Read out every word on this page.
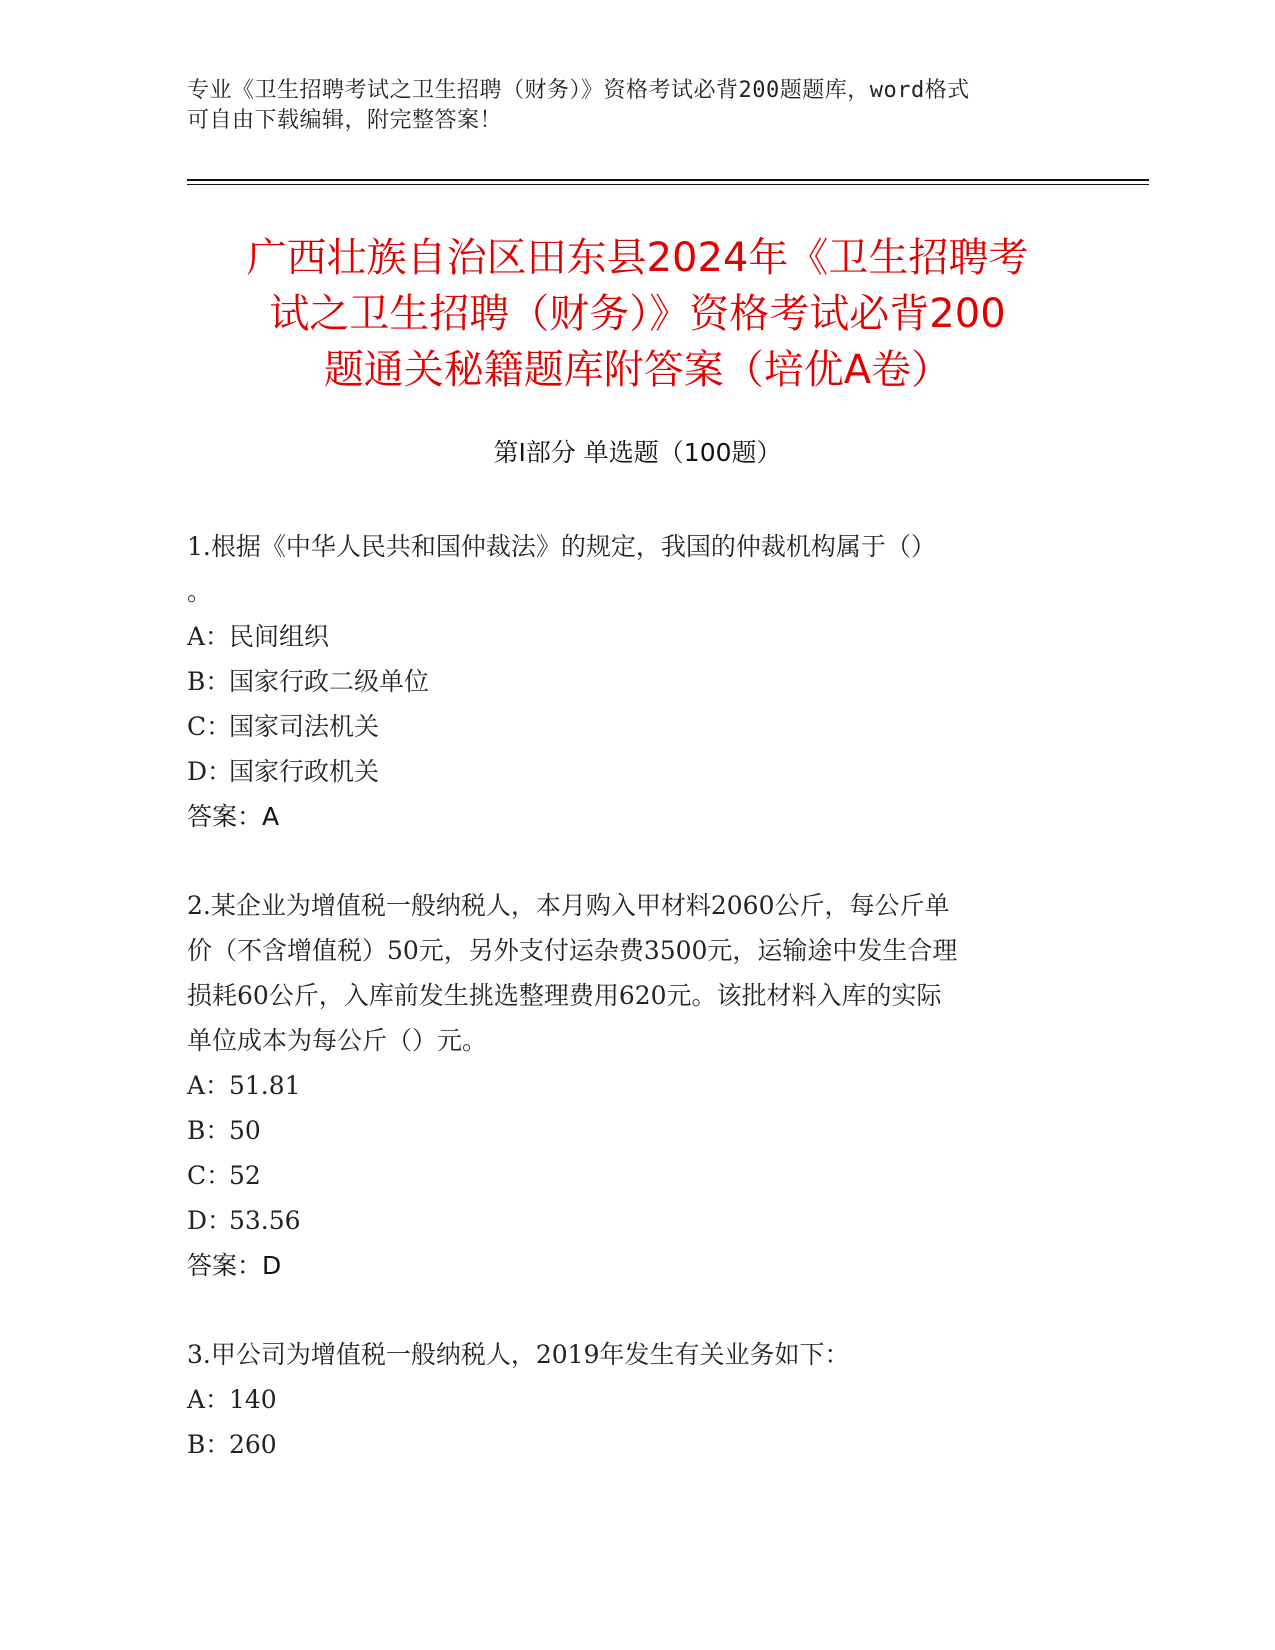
专业《卫生招聘考试之卫生招聘（财务）》资格考试必背200题题库，word格式

可自由下载编辑，附完整答案！

广西壮族自治区田东县2024年《卫生招聘考

试之卫生招聘（财务）》资格考试必背200

题通关秘籍题库附答案（培优A卷）

第Ⅰ部分 单选题（100题）

1.根据《中华人民共和国仲裁法》的规定，我国的仲裁机构属于（）

。

A：民间组织

B：国家行政二级单位

C：国家司法机关

D：国家行政机关

答案：A

2.某企业为增值税一般纳税人，本月购入甲材料2060公斤，每公斤单

价（不含增值税）50元，另外支付运杂费3500元，运输途中发生合理

损耗60公斤，入库前发生挑选整理费用620元。该批材料入库的实际

单位成本为每公斤（）元。

A：51.81

B：50

C：52

D：53.56

答案：D

3.甲公司为增值税一般纳税人，2019年发生有关业务如下：

A：140

B：260
